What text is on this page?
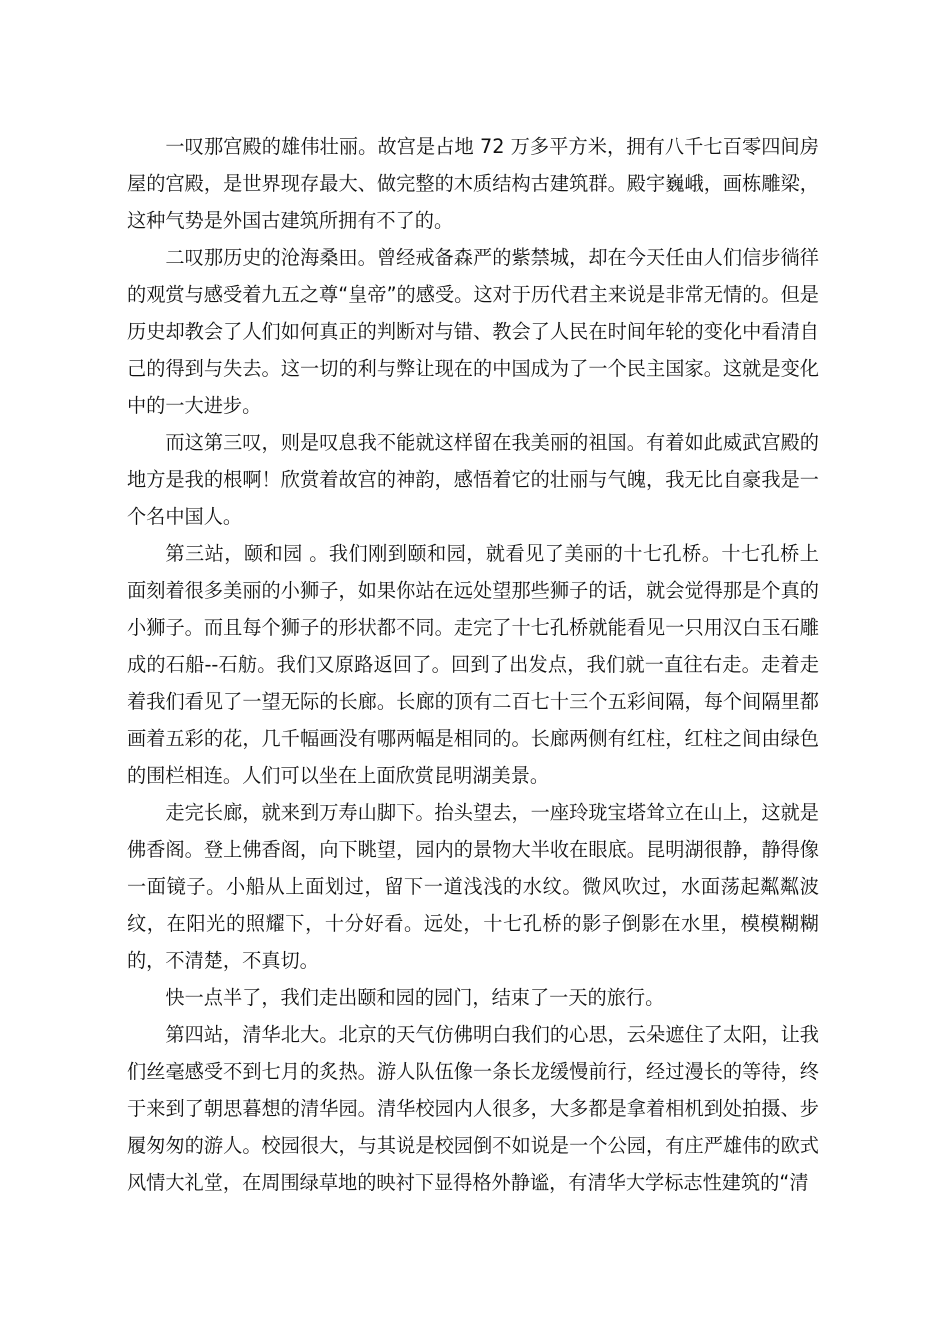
一叹那宫殿的雄伟壮丽。故宫是占地 72 万多平方米，拥有八千七百零四间房屋的宫殿，是世界现存最大、做完整的木质结构古建筑群。殿宇巍峨，画栋雕梁，这种气势是外国古建筑所拥有不了的。

二叹那历史的沧海桑田。曾经戒备森严的紫禁城，却在今天任由人们信步徜徉的观赏与感受着九五之尊“皇帝”的感受。这对于历代君主来说是非常无情的。但是历史却教会了人们如何真正的判断对与错、教会了人民在时间年轮的变化中看清自己的得到与失去。这一切的利与弊让现在的中国成为了一个民主国家。这就是变化中的一大进步。

而这第三叹，则是叹息我不能就这样留在我美丽的祖国。有着如此威武宫殿的地方是我的根啊！欣赏着故宫的神韵，感悟着它的壮丽与气魄，我无比自豪我是一个名中国人。

第三站，颐和园 。我们刚到颐和园，就看见了美丽的十七孔桥。十七孔桥上面刻着很多美丽的小狮子，如果你站在远处望那些狮子的话，就会觉得那是个真的小狮子。而且每个狮子的形状都不同。走完了十七孔桥就能看见一只用汉白玉石雕成的石船--石舫。我们又原路返回了。回到了出发点，我们就一直往右走。走着走着我们看见了一望无际的长廊。长廊的顶有二百七十三个五彩间隔，每个间隔里都画着五彩的花，几千幅画没有哪两幅是相同的。长廊两侧有红柱，红柱之间由绿色的围栏相连。人们可以坐在上面欣赏昆明湖美景。

走完长廊，就来到万寿山脚下。抬头望去，一座玲珑宝塔耸立在山上，这就是佛香阁。登上佛香阁，向下眺望，园内的景物大半收在眼底。昆明湖很静，静得像一面镜子。小船从上面划过，留下一道浅浅的水纹。微风吹过，水面荡起粼粼波纹，在阳光的照耀下，十分好看。远处，十七孔桥的影子倒影在水里，模模糊糊的，不清楚，不真切。

快一点半了，我们走出颐和园的园门，结束了一天的旅行。

第四站，清华北大。北京的天气仿佛明白我们的心思，云朵遮住了太阳，让我们丝毫感受不到七月的炙热。游人队伍像一条长龙缓慢前行，经过漫长的等待，终于来到了朝思暮想的清华园。清华校园内人很多，大多都是拿着相机到处拍摄、步履匆匆的游人。校园很大，与其说是校园倒不如说是一个公园，有庄严雄伟的欧式风情大礼堂，在周围绿草地的映衬下显得格外静谧，有清华大学标志性建筑的“清
